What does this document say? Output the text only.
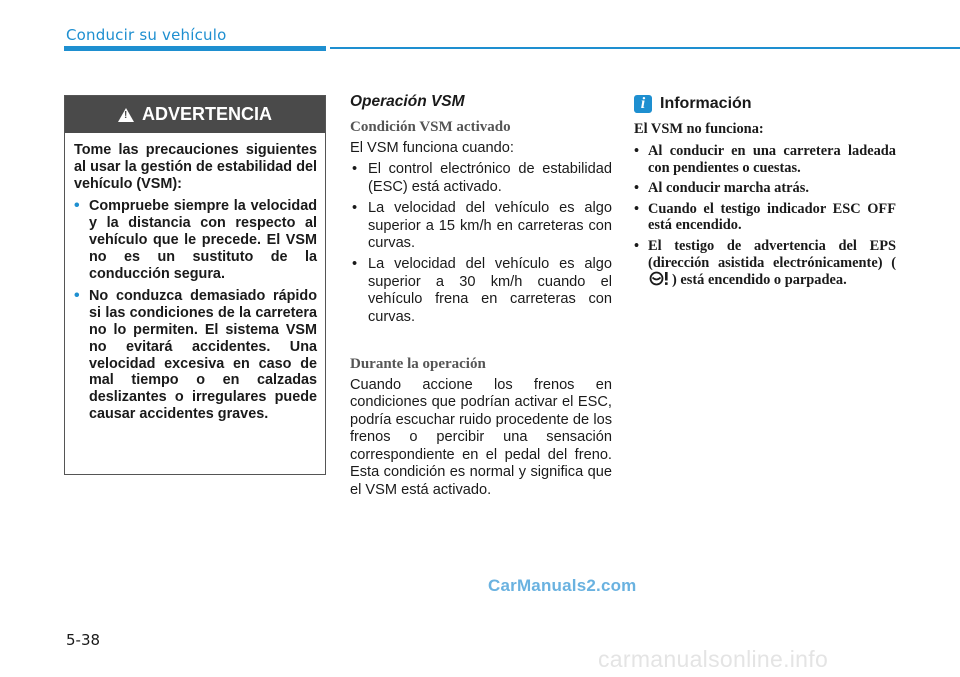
Conducir su vehículo
!
ADVERTENCIA

Tome las precauciones siguientes al usar la gestión de estabilidad del vehículo (VSM):

• Compruebe siempre la velocidad y la distancia con respecto al vehículo que le precede. El VSM no es un sustituto de la conducción segura.
• No conduzca demasiado rápido si las condiciones de la carretera no lo permiten. El sistema VSM no evitará accidentes. Una velocidad excesiva en caso de mal tiempo o en calzadas deslizantes o irregulares puede causar accidentes graves.
Operación VSM
Condición VSM activado

El VSM funciona cuando:

• El control electrónico de estabilidad (ESC) está activado.
• La velocidad del vehículo es algo superior a 15 km/h en carreteras con curvas.
• La velocidad del vehículo es algo superior a 30 km/h cuando el vehículo frena en carreteras con curvas.
Durante la operación

Cuando accione los frenos en condiciones que podrían activar el ESC, podría escuchar ruido procedente de los frenos o percibir una sensación correspondiente en el pedal del freno. Esta condición es normal y significa que el VSM está activado.

i Información

El VSM no funciona:

• Al conducir en una carretera ladeada con pendientes o cuestas.
• Al conducir marcha atrás.
• Cuando el testigo indicador ESC OFF está encendido.
• El testigo de advertencia del EPS (dirección asistida electrónicamente) () está encendido o parpadea.
CarManuals2.com
5-38
carmanualsonline.info
